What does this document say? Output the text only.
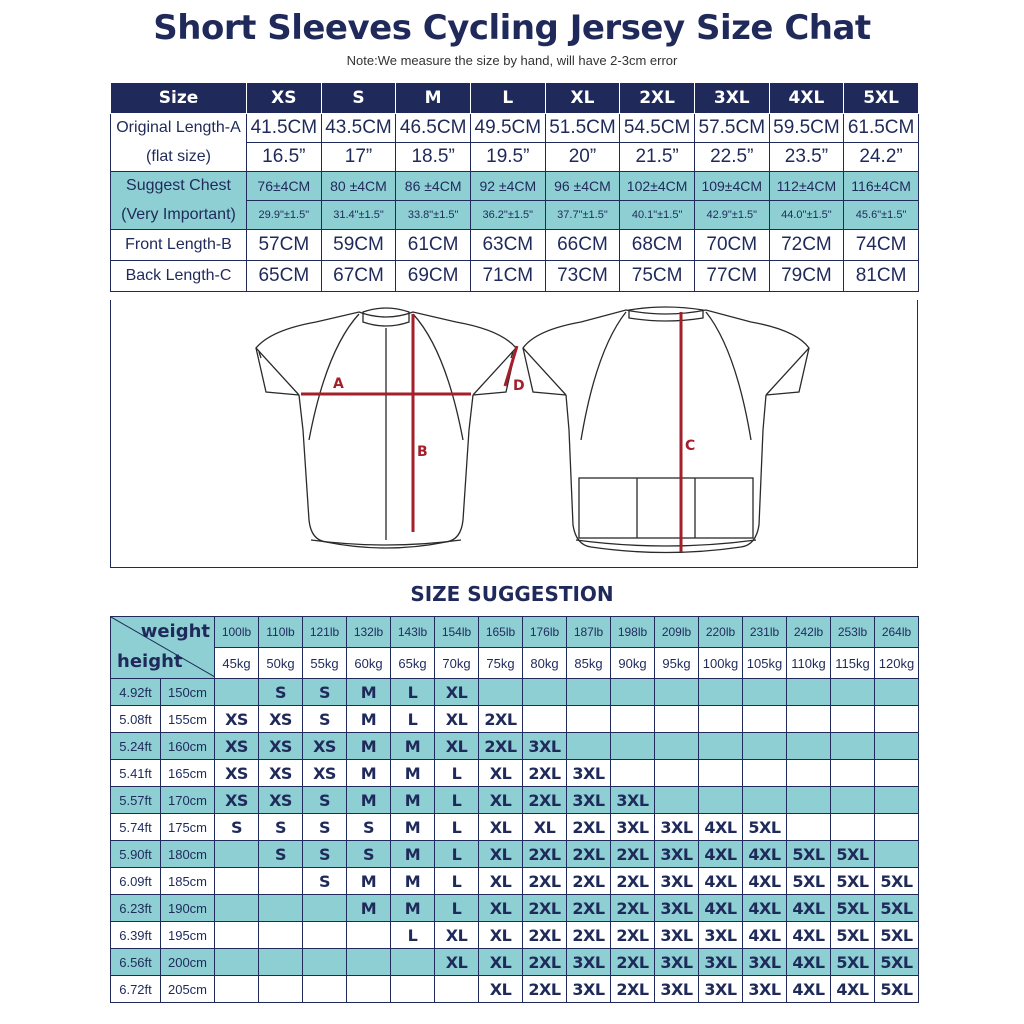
Short Sleeves Cycling Jersey Size Chat
Note:We measure the size by hand, will have 2-3cm error
Size	XS	S	M	L	XL	2XL	3XL	4XL	5XL
Original Length-A	41.5CM	43.5CM	46.5CM	49.5CM	51.5CM	54.5CM	57.5CM	59.5CM	61.5CM
(flat size)	16.5”	17”	18.5”	19.5”	20”	21.5”	22.5”	23.5”	24.2”
Suggest Chest	76±4CM	80 ±4CM	86 ±4CM	92 ±4CM	96 ±4CM	102±4CM	109±4CM	112±4CM	116±4CM
(Very Important)	29.9"±1.5"	31.4"±1.5"	33.8"±1.5"	36.2"±1.5"	37.7"±1.5"	40.1"±1.5"	42.9"±1.5"	44.0"±1.5"	45.6"±1.5"
Front Length-B	57CM	59CM	61CM	63CM	66CM	68CM	70CM	72CM	74CM
Back Length-C	65CM	67CM	69CM	71CM	73CM	75CM	77CM	79CM	81CM
A
B	C
D
SIZE SUGGESTION
weight
height		100lb	110lb	121lb	132lb	143lb	154lb	165lb	176lb	187lb	198lb	209lb	220lb	231lb	242lb	253lb	264lb
		45kg	50kg	55kg	60kg	65kg	70kg	75kg	80kg	85kg	90kg	95kg	100kg	105kg	110kg	115kg	120kg
4.92ft	150cm		S	S	M	L	XL										
5.08ft	155cm	XS	XS	S	M	L	XL	2XL									
5.24ft	160cm	XS	XS	XS	M	M	XL	2XL	3XL								
5.41ft	165cm	XS	XS	XS	M	M	L	XL	2XL	3XL							
5.57ft	170cm	XS	XS	S	M	M	L	XL	2XL	3XL	3XL						
5.74ft	175cm	S	S	S	S	M	L	XL	XL	2XL	3XL	3XL	4XL	5XL			
5.90ft	180cm		S	S	S	M	L	XL	2XL	2XL	2XL	3XL	4XL	4XL	5XL	5XL	
6.09ft	185cm			S	M	M	L	XL	2XL	2XL	2XL	3XL	4XL	4XL	5XL	5XL	5XL
6.23ft	190cm				M	M	L	XL	2XL	2XL	2XL	3XL	4XL	4XL	4XL	5XL	5XL
6.39ft	195cm					L	XL	XL	2XL	2XL	2XL	3XL	3XL	4XL	4XL	5XL	5XL
6.56ft	200cm						XL	XL	2XL	3XL	2XL	3XL	3XL	3XL	4XL	5XL	5XL
6.72ft	205cm							XL	2XL	3XL	2XL	3XL	3XL	3XL	4XL	4XL	5XL
